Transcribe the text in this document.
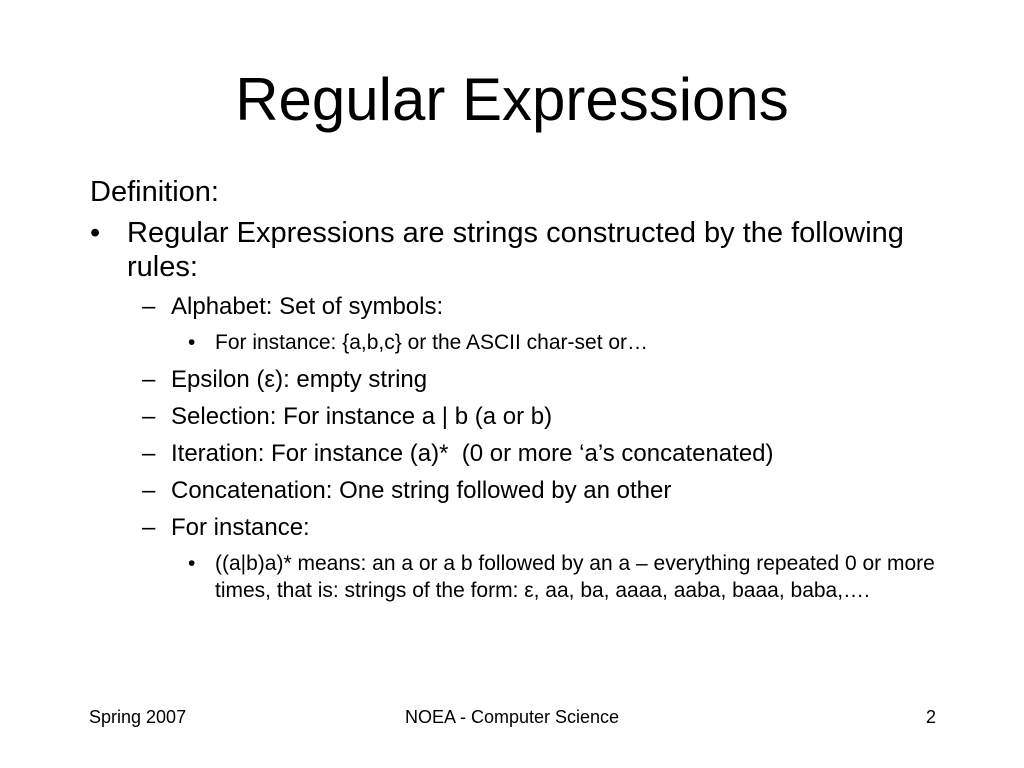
Regular Expressions
Definition:
• Regular Expressions are strings constructed by the following rules:
– Alphabet: Set of symbols:
• For instance: {a,b,c} or the ASCII char-set or…
– Epsilon (ε): empty string
– Selection: For instance a | b (a or b)
– Iteration: For instance (a)*  (0 or more ‘a’s concatenated)
– Concatenation: One string followed by an other
– For instance:
• ((a|b)a)* means: an a or a b followed by an a – everything repeated 0 or more times, that is: strings of the form: ε, aa, ba, aaaa, aaba, baaa, baba,….
Spring 2007	NOEA - Computer Science	2
